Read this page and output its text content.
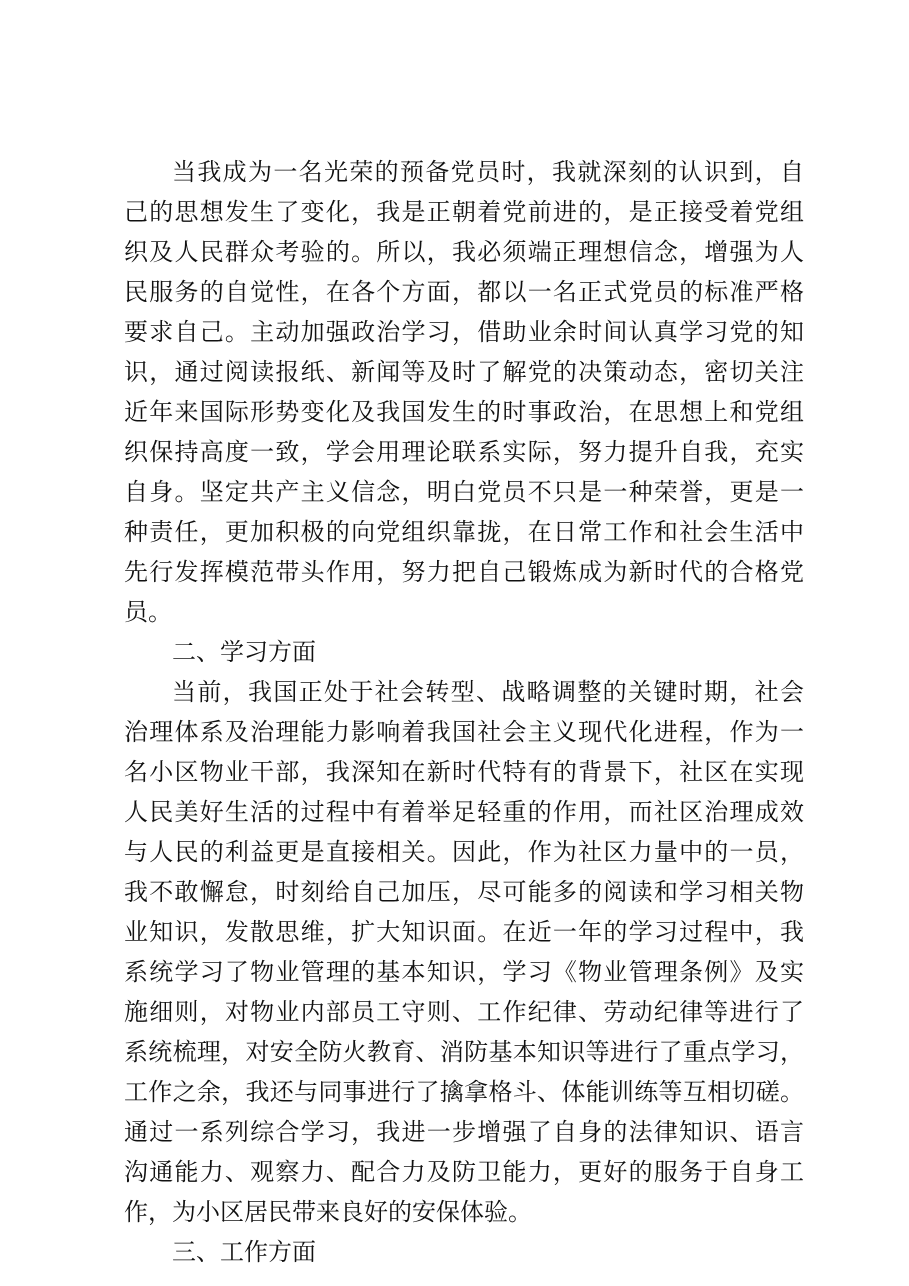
当我成为一名光荣的预备党员时，我就深刻的认识到，自
己的思想发生了变化，我是正朝着党前进的，是正接受着党组
织及人民群众考验的。所以，我必须端正理想信念，增强为人
民服务的自觉性，在各个方面，都以一名正式党员的标准严格
要求自己。主动加强政治学习，借助业余时间认真学习党的知
识，通过阅读报纸、新闻等及时了解党的决策动态，密切关注
近年来国际形势变化及我国发生的时事政治，在思想上和党组
织保持高度一致，学会用理论联系实际，努力提升自我，充实
自身。坚定共产主义信念，明白党员不只是一种荣誉，更是一
种责任，更加积极的向党组织靠拢，在日常工作和社会生活中
先行发挥模范带头作用，努力把自己锻炼成为新时代的合格党
员。
二、学习方面
当前，我国正处于社会转型、战略调整的关键时期，社会
治理体系及治理能力影响着我国社会主义现代化进程，作为一
名小区物业干部，我深知在新时代特有的背景下，社区在实现
人民美好生活的过程中有着举足轻重的作用，而社区治理成效
与人民的利益更是直接相关。因此，作为社区力量中的一员，
我不敢懈怠，时刻给自己加压，尽可能多的阅读和学习相关物
业知识，发散思维，扩大知识面。在近一年的学习过程中，我
系统学习了物业管理的基本知识，学习《物业管理条例》及实
施细则，对物业内部员工守则、工作纪律、劳动纪律等进行了
系统梳理，对安全防火教育、消防基本知识等进行了重点学习，
工作之余，我还与同事进行了擒拿格斗、体能训练等互相切磋。
通过一系列综合学习，我进一步增强了自身的法律知识、语言
沟通能力、观察力、配合力及防卫能力，更好的服务于自身工
作，为小区居民带来良好的安保体验。
三、工作方面
